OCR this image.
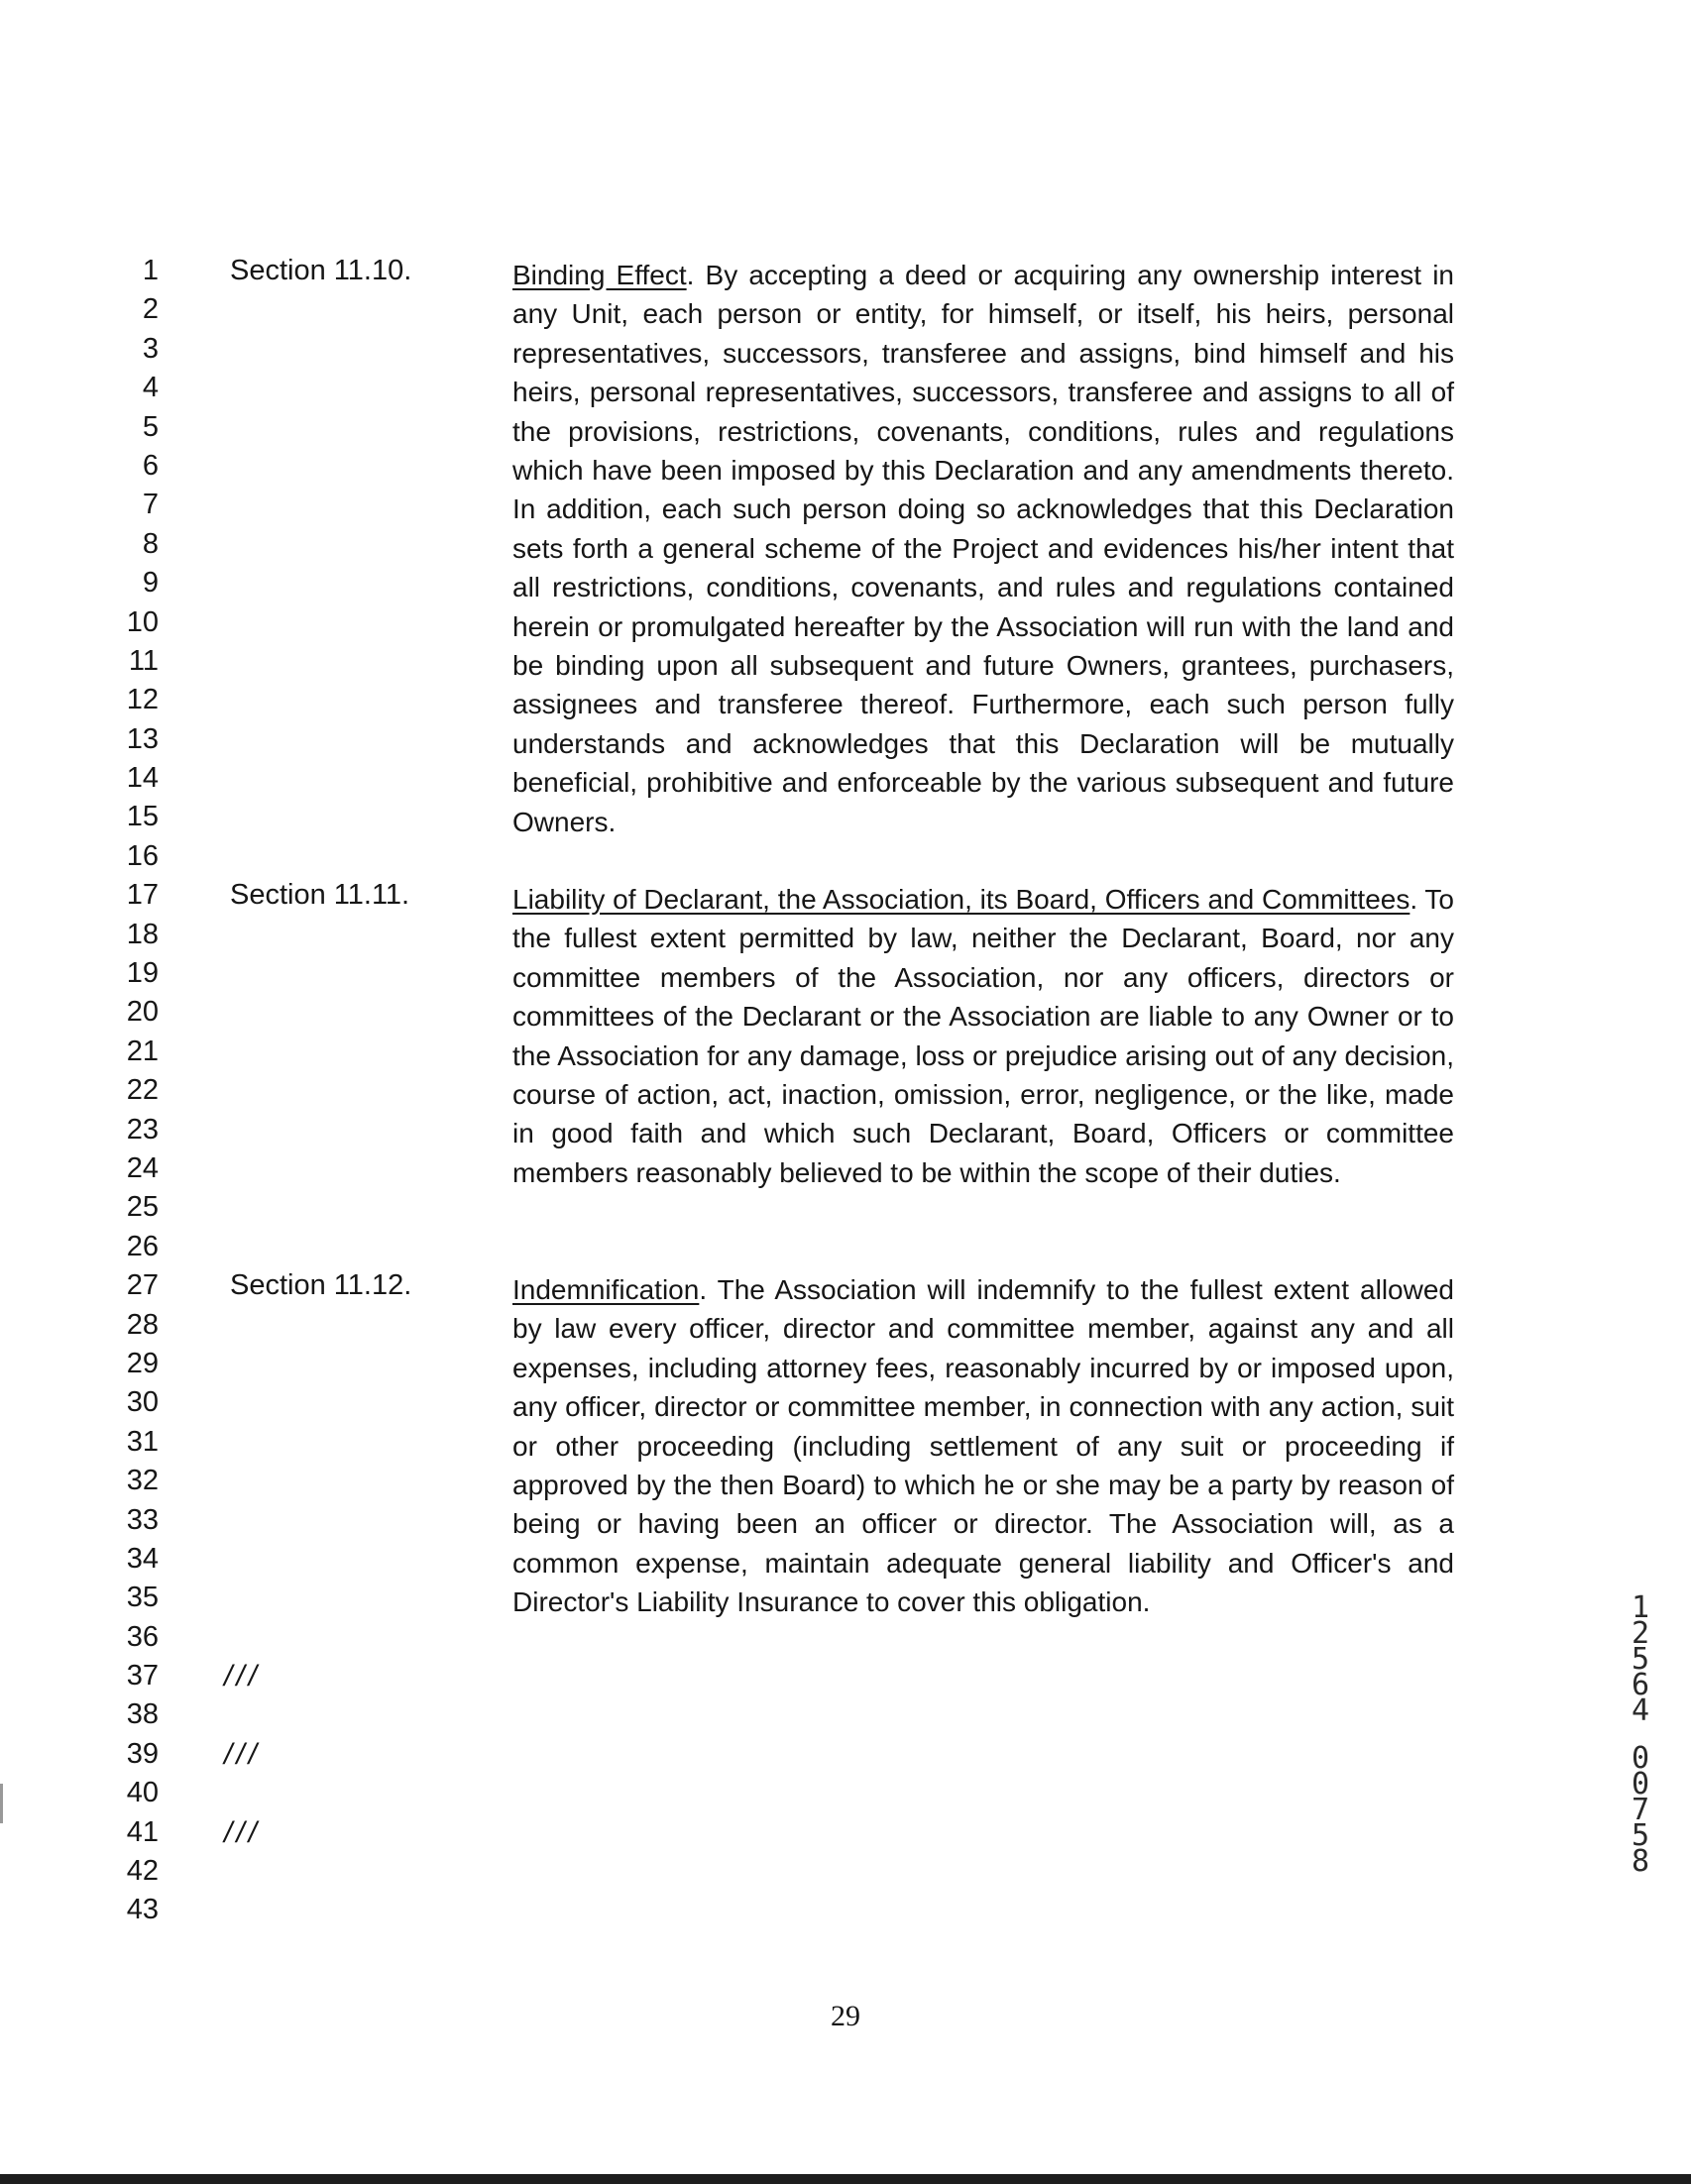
1
2
3
4
5
6
7
8
9
10
11
12
13
14
15
16
17
18
19
20
21
22
23
24
25
26
27
28
29
30
31
32
33
34
35
36
37
38
39
40
41
42
43
Section 11.10.	Binding Effect. By accepting a deed or acquiring any ownership interest in any Unit, each person or entity, for himself, or itself, his heirs, personal representatives, successors, transferee and assigns, bind himself and his heirs, personal representatives, successors, transferee and assigns to all of the provisions, restrictions, covenants, conditions, rules and regulations which have been imposed by this Declaration and any amendments thereto. In addition, each such person doing so acknowledges that this Declaration sets forth a general scheme of the Project and evidences his/her intent that all restrictions, conditions, covenants, and rules and regulations contained herein or promulgated hereafter by the Association will run with the land and be binding upon all subsequent and future Owners, grantees, purchasers, assignees and transferee thereof. Furthermore, each such person fully understands and acknowledges that this Declaration will be mutually beneficial, prohibitive and enforceable by the various subsequent and future Owners.
Section 11.11.	Liability of Declarant, the Association, its Board, Officers and Committees. To the fullest extent permitted by law, neither the Declarant, Board, nor any committee members of the Association, nor any officers, directors or committees of the Declarant or the Association are liable to any Owner or to the Association for any damage, loss or prejudice arising out of any decision, course of action, act, inaction, omission, error, negligence, or the like, made in good faith and which such Declarant, Board, Officers or committee members reasonably believed to be within the scope of their duties.
Section 11.12.	Indemnification. The Association will indemnify to the fullest extent allowed by law every officer, director and committee member, against any and all expenses, including attorney fees, reasonably incurred by or imposed upon, any officer, director or committee member, in connection with any action, suit or other proceeding (including settlement of any suit or proceeding if approved by the then Board) to which he or she may be a party by reason of being or having been an officer or director. The Association will, as a common expense, maintain adequate general liability and Officer's and Director's Liability Insurance to cover this obligation.
///
///
///
29
1
2
5
6
4
0
0
7
5
8
